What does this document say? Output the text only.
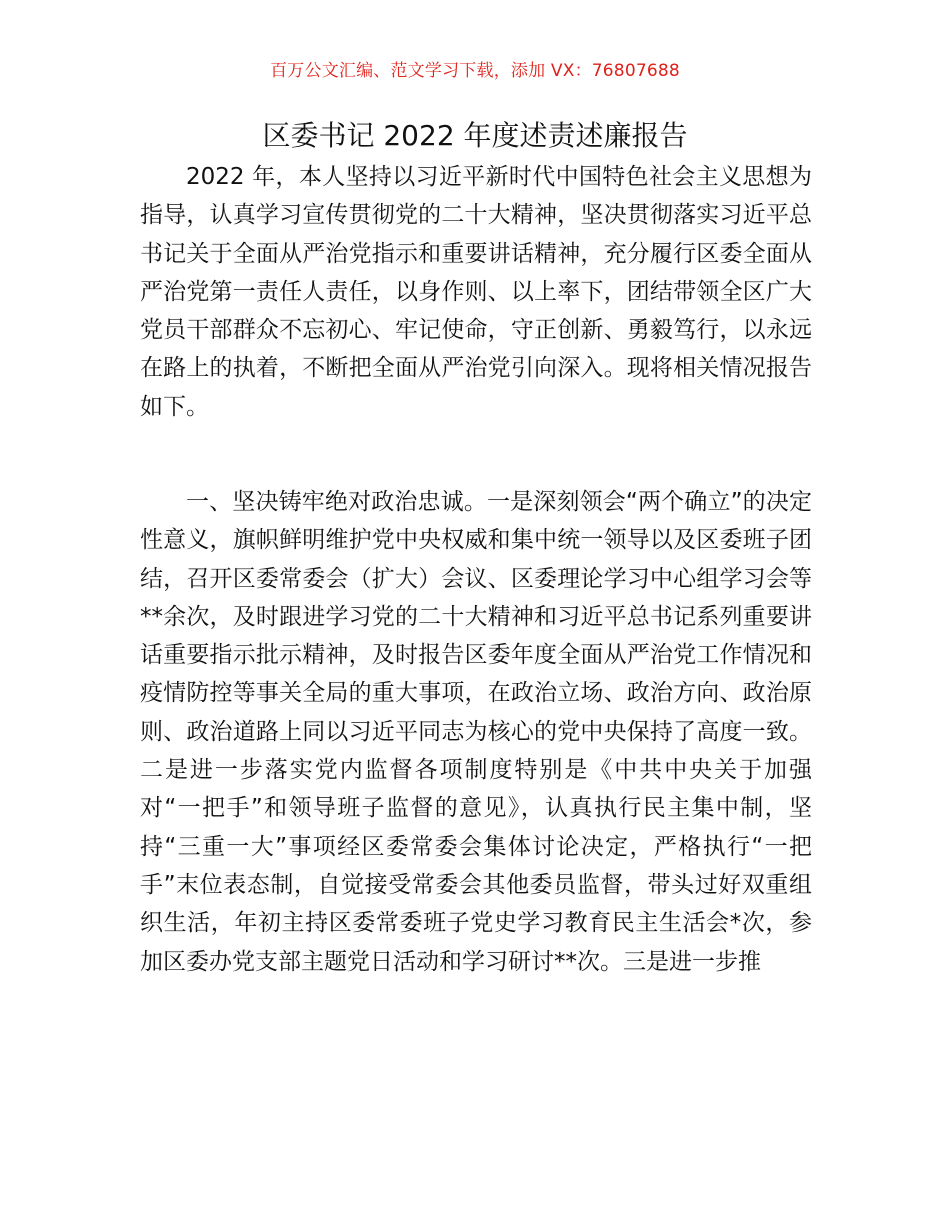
百万公文汇编、范文学习下载，添加 VX：76807688
区委书记 2022 年度述责述廉报告

2022 年，本人坚持以习近平新时代中国特色社会主义思想为指导，认真学习宣传贯彻党的二十大精神，坚决贯彻落实习近平总书记关于全面从严治党指示和重要讲话精神，充分履行区委全面从严治党第一责任人责任，以身作则、以上率下，团结带领全区广大党员干部群众不忘初心、牢记使命，守正创新、勇毅笃行，以永远在路上的执着，不断把全面从严治党引向深入。现将相关情况报告如下。

一、坚决铸牢绝对政治忠诚。一是深刻领会“两个确立”的决定性意义，旗帜鲜明维护党中央权威和集中统一领导以及区委班子团结，召开区委常委会（扩大）会议、区委理论学习中心组学习会等**余次，及时跟进学习党的二十大精神和习近平总书记系列重要讲话重要指示批示精神，及时报告区委年度全面从严治党工作情况和疫情防控等事关全局的重大事项，在政治立场、政治方向、政治原则、政治道路上同以习近平同志为核心的党中央保持了高度一致。二是进一步落实党内监督各项制度特别是《中共中央关于加强对“一把手”和领导班子监督的意见》，认真执行民主集中制，坚持“三重一大”事项经区委常委会集体讨论决定，严格执行“一把手”末位表态制，自觉接受常委会其他委员监督，带头过好双重组织生活，年初主持区委常委班子党史学习教育民主生活会*次，参加区委办党支部主题党日活动和学习研讨**次。三是进一步推
